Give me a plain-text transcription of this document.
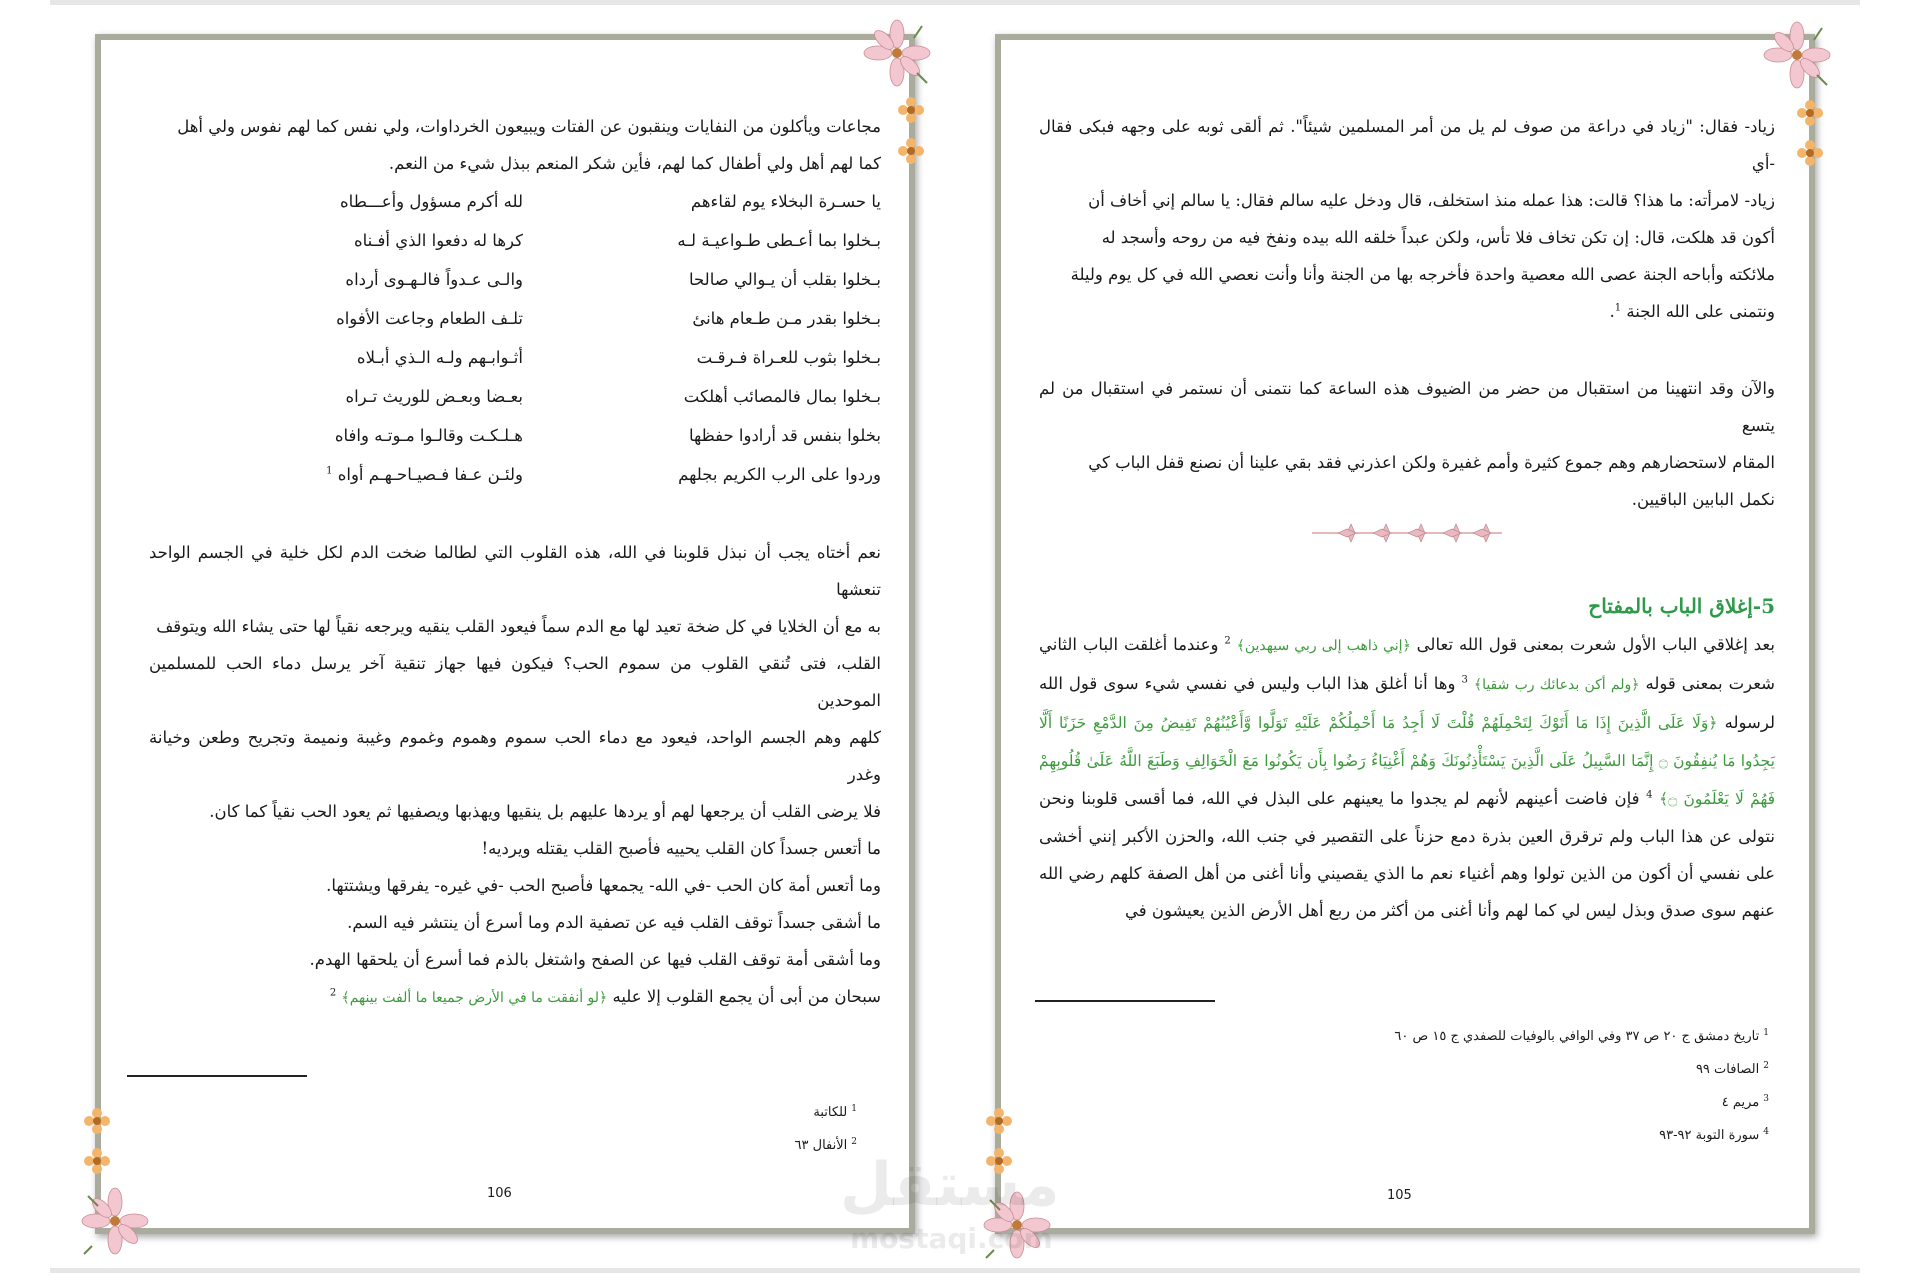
مجاعات ويأكلون من النفايات وينقبون عن الفتات ويبيعون الخرداوات، ولي نفس كما لهم نفوس ولي أهل

كما لهم أهل ولي أطفال كما لهم، فأين شكر المنعم ببذل شيء من النعم.

يا حسـرة البخلاء يوم لقاءهم
لله أكرم مسؤول وأعـــطاه
بـخلوا بما أعـطى طـواعيـة لـه
كرها له دفعوا الذي أفـناه
بـخلوا بقلب أن يـوالي صالحا
والـى عـدواً فالـهـوى أرداه
بـخلوا بقدر مـن طـعام هانئ
تلـف الطعام وجاعت الأفواه
بـخلوا بثوب للعـراة فـرقـت
أثـوابـهم ولـه الـذي أبـلاه
بـخلوا بمال فالمصائب أهلكت
بعـضا وبعـض للوريث تـراه
بخلوا بنفس قد أرادوا حفظها
هـلـكـت وقالـوا مـوتـه وافاه
وردوا على الرب الكريم بجلهم
ولئـن عـفا فـصيـاحـهـم أواه $^1$

نعم أختاه يجب أن نبذل قلوبنا في الله، هذه القلوب التي لطالما ضخت الدم لكل خلية في الجسم الواحد تنعشها

به مع أن الخلايا في كل ضخة تعيد لها مع الدم سماً فيعود القلب ينقيه ويرجعه نقياً لها حتى يشاء الله ويتوقف

القلب، فتى تُنقي القلوب من سموم الحب؟ فيكون فيها جهاز تنقية آخر يرسل دماء الحب للمسلمين الموحدين

كلهم وهم الجسم الواحد، فيعود مع دماء الحب سموم وهموم وغموم وغيبة ونميمة وتجريح وطعن وخيانة وغدر

فلا يرضى القلب أن يرجعها لهم أو يردها عليهم بل ينقيها ويهذبها ويصفيها ثم يعود الحب نقياً كما كان.

ما أتعس جسداً كان القلب يحييه فأصبح القلب يقتله ويرديه!

وما أتعس أمة كان الحب -في الله- يجمعها فأصبح الحب -في غيره- يفرقها ويشتتها.

ما أشقى جسداً توقف القلب فيه عن تصفية الدم وما أسرع أن ينتشر فيه السم.

وما أشقى أمة توقف القلب فيها عن الصفح واشتغل بالذم فما أسرع أن يلحقها الهدم.

سبحان من أبى أن يجمع القلوب إلا عليه ﴿لو أنفقت ما في الأرض جميعا ما ألفت بينهم﴾ $^2$

$^1$للكاتبة
$^2$الأنفال ٦٣
106

زياد- فقال: "زياد في دراعة من صوف لم يل من أمر المسلمين شيئاً". ثم ألقى ثوبه على وجهه فبكى فقال -أي

زياد- لامرأته: ما هذا؟ قالت: هذا عمله منذ استخلف، قال ودخل عليه سالم فقال: يا سالم إني أخاف أن

أكون قد هلكت، قال: إن تكن تخاف فلا تأس، ولكن عبداً خلقه الله بيده ونفخ فيه من روحه وأسجد له

ملائكته وأباحه الجنة عصى الله معصية واحدة فأخرجه بها من الجنة وأنا وأنت نعصي الله في كل يوم وليلة

ونتمنى على الله الجنة $^1$.

والآن وقد انتهينا من استقبال من حضر من الضيوف هذه الساعة كما نتمنى أن نستمر في استقبال من لم يتسع

المقام لاستحضارهم وهم جموع كثيرة وأمم غفيرة ولكن اعذرني فقد بقي علينا أن نصنع قفل الباب كي

نكمل البابين الباقيين.

5-إغلاق الباب بالمفتاح

بعد إغلاقي الباب الأول شعرت بمعنى قول الله تعالى ﴿إني ذاهب إلى ربي سيهدين﴾ $^2$ وعندما أغلقت الباب الثاني شعرت بمعنى قوله ﴿ولم أكن بدعائك رب شقيا﴾ $^3$ وها أنا أغلق هذا الباب وليس في نفسي شيء سوى قول الله لرسوله ﴿وَلَا عَلَى الَّذِينَ إِذَا مَا أَتَوْكَ لِتَحْمِلَهُمْ قُلْتَ لَا أَجِدُ مَا أَحْمِلُكُمْ عَلَيْهِ تَوَلَّوا وَّأَعْيُنُهُمْ تَفِيضُ مِنَ الدَّمْعِ حَزَنًا أَلَّا يَجِدُوا مَا يُنفِقُونَ ۝ إِنَّمَا السَّبِيلُ عَلَى الَّذِينَ يَسْتَأْذِنُونَكَ وَهُمْ أَغْنِيَاءُ رَضُوا بِأَن يَكُونُوا مَعَ الْخَوَالِفِ وَطَبَعَ اللَّهُ عَلَىٰ قُلُوبِهِمْ فَهُمْ لَا يَعْلَمُونَ ۝﴾ $^4$ فإن فاضت أعينهم لأنهم لم يجدوا ما يعينهم على البذل في الله، فما أقسى قلوبنا ونحن نتولى عن هذا الباب ولم ترقرق العين بذرة دمع حزناً على التقصير في جنب الله، والحزن الأكبر إنني أخشى على نفسي أن أكون من الذين تولوا وهم أغنياء نعم ما الذي يقصيني وأنا أغنى من أهل الصفة كلهم رضي الله عنهم سوى صدق وبذل ليس لي كما لهم وأنا أغنى من أكثر من ربع أهل الأرض الذين يعيشون في

$^1$تاريخ دمشق ج ٢٠ ص ٣٧ وفي الوافي بالوفيات للصفدي ج ١٥ ص ٦٠
$^2$الصافات ٩٩
$^3$مريم ٤
$^4$سورة التوبة ٩٢-٩٣
105
مستقل
mostaqi.com
